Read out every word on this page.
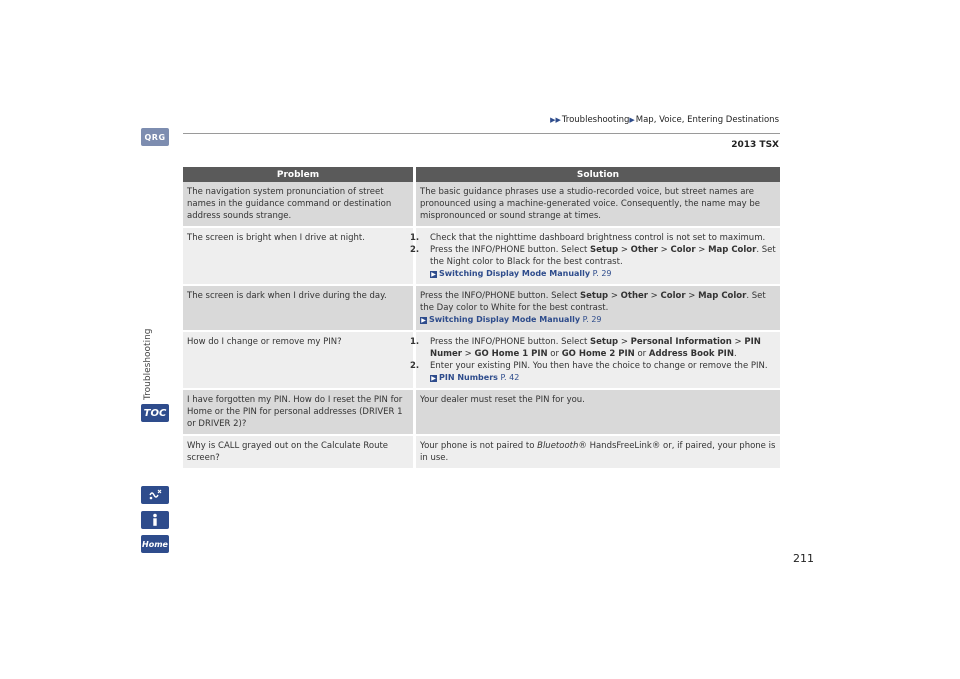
QRG
Troubleshooting
TOC
Home
▶▶Troubleshooting▶Map, Voice, Entering Destinations
2013 TSX
Problem	Solution
The navigation system pronunciation of street names in the guidance command or destination address sounds strange.	The basic guidance phrases use a studio-recorded voice, but street names are pronounced using a machine-generated voice. Consequently, the name may be mispronounced or sound strange at times.
The screen is bright when I drive at night.	1. Check that the nighttime dashboard brightness control is not set to maximum.
2. Press the INFO/PHONE button. Select Setup > Other > Color > Map Color. Set the Night color to Black for the best contrast.
▶ Switching Display Mode Manually P. 29

The screen is dark when I drive during the day.	Press the INFO/PHONE button. Select Setup > Other > Color > Map Color. Set the Day color to White for the best contrast.
▶ Switching Display Mode Manually P. 29

How do I change or remove my PIN?	1. Press the INFO/PHONE button. Select Setup > Personal Information > PIN Numer > GO Home 1 PIN or GO Home 2 PIN or Address Book PIN.
2. Enter your existing PIN. You then have the choice to change or remove the PIN.
▶ PIN Numbers P. 42

I have forgotten my PIN. How do I reset the PIN for Home or the PIN for personal addresses (DRIVER 1 or DRIVER 2)?	Your dealer must reset the PIN for you.
Why is CALL grayed out on the Calculate Route screen?	Your phone is not paired to Bluetooth® HandsFreeLink® or, if paired, your phone is in use.
211
